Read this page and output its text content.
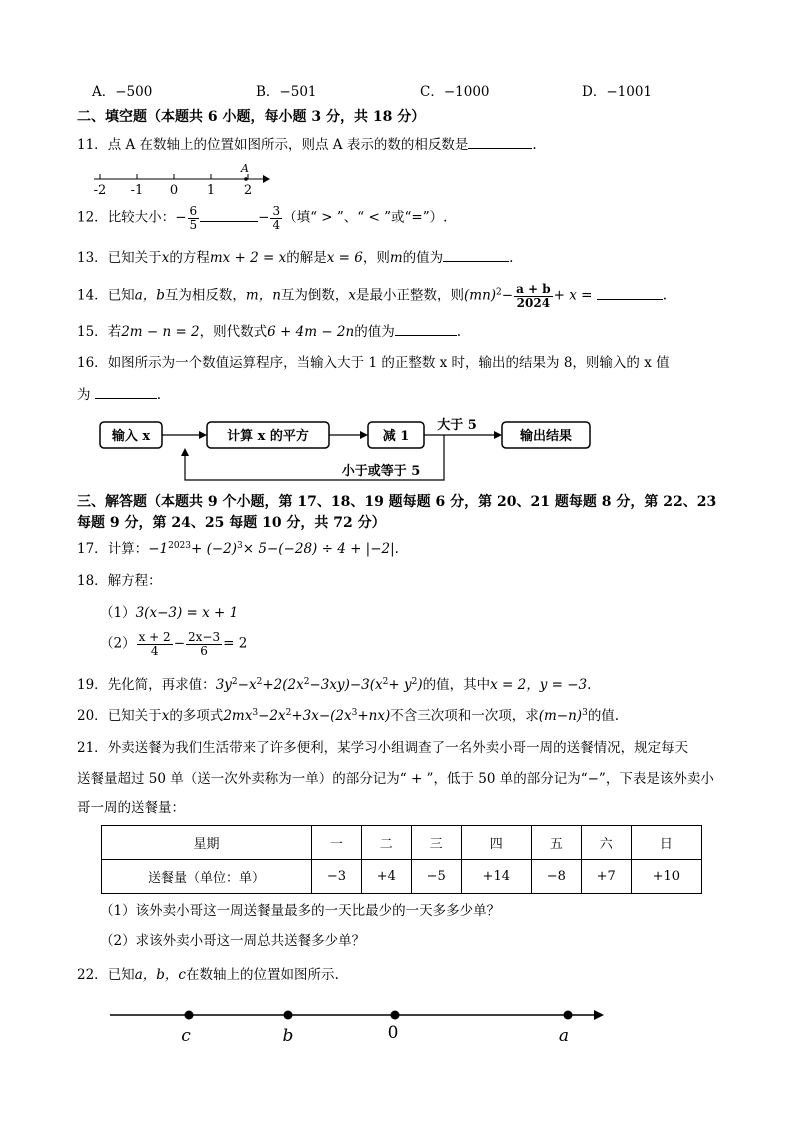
A．−500	B．−501	C．−1000	D．−1001
二、填空题（本题共 6 小题，每小题 3 分，共 18 分）
11．点 A 在数轴上的位置如图所示，则点 A 表示的数的相反数是	.
A
-2 -1 0 1 2
12．比较大小：− $\frac{6}{5}$	− $\frac{3}{4}$ （填“ > ”、“ < ”或“=”）.
13．已知关于x的方程mx + 2 = x的解是x = 6，则m的值为	.
14．已知a，b互为相反数，m，n互为倒数，x是最小正整数，则$(mn)^2- \frac{a + b}{2024} + x$ =	.
15．若2m − n = 2，则代数式6 + 4m − 2n的值为	.
16．如图所示为一个数值运算程序，当输入大于 1 的正整数 x 时，输出的结果为 8，则输入的 x 值
为	.
输入 x	计算 x 的平方	减 1
大于 5
输出结果
小于或等于 5
三、解答题（本题共 9 个小题，第 17、18、19 题每题 6 分，第 20、21 题每题 8 分，第 22、23
每题 9 分，第 24、25 每题 10 分，共 72 分）
17．计算：$-1^{2023}+ (-2)^3\times 5-(-28) \div 4 + |-2|$.
18．解方程：
（1）3(x−3) = x + 1
$(2) \frac{x + 2}{4} - \frac{2x-3}{6} = 2$
19．先化简，再求值：$3y^2-x^2+2(2x^2-3xy)-3(x^2+ y^2)$的值，其中x = 2，y = −3.
20．已知关于x的多项式$2mx^3-2x^2+3x-(2x^3+nx)$不含三次项和一次项，求$(m-n)^3$的值.
21．外卖送餐为我们生活带来了许多便利，某学习小组调查了一名外卖小哥一周的送餐情况，规定每天
送餐量超过 50 单（送一次外卖称为一单）的部分记为“ + ”，低于 50 单的部分记为“−”，下表是该外卖小
哥一周的送餐量：
星期	一	二	三	四	五	六	日
送餐量（单位：单）	−3	+4	−5	+14	−8	+7	+10
（1）该外卖小哥这一周送餐量最多的一天比最少的一天多多少单？
（2）求该外卖小哥这一周总共送餐多少单？
22．已知a，b，c在数轴上的位置如图所示.
c	b	0	a
